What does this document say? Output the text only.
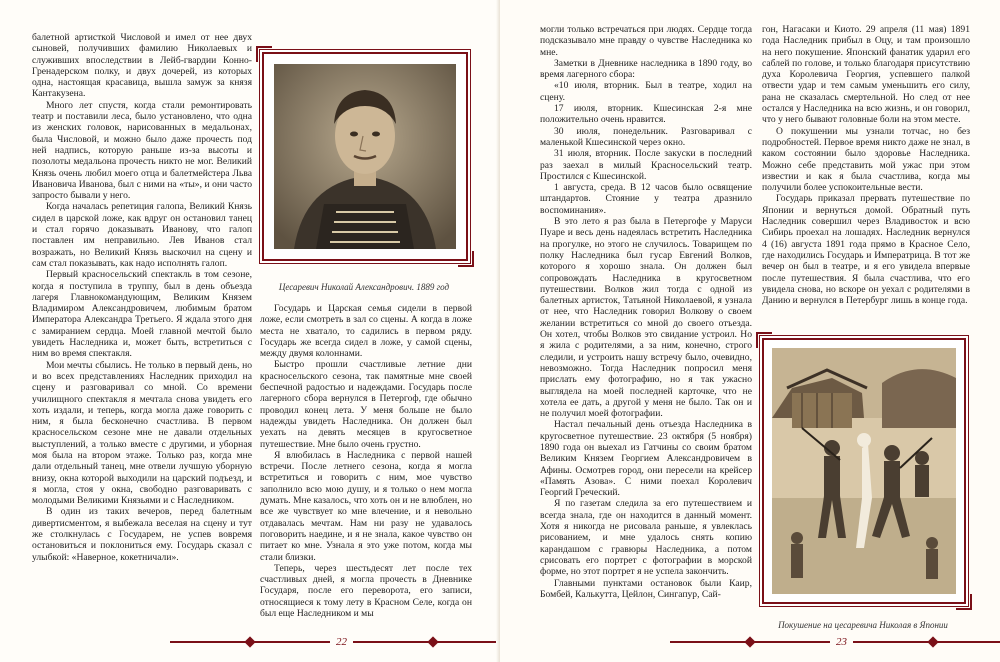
балетной артисткой Числовой и имел от нее двух сыновей, получивших фамилию Николаевых и служивших впоследствии в Лейб-гвардии Конно-Гренадерском полку, и двух дочерей, из которых одна, настоящая красавица, вышла замуж за князя Кантакузена.

Много лет спустя, когда стали ремонтировать театр и поставили леса, было установлено, что одна из женских головок, нарисованных в медальонах, была Числовой, и можно было даже прочесть под ней надпись, которую раньше из-за высоты и позолоты медальона прочесть никто не мог. Великий Князь очень любил моего отца и балетмейстера Льва Ивановича Иванова, был с ними на «ты», и они часто запросто бывали у него.

Когда началась репетиция галопа, Великий Князь сидел в царской ложе, как вдруг он остановил танец и стал горячо доказывать Иванову, что галоп поставлен им неправильно. Лев Иванов стал возражать, но Великий Князь выскочил на сцену и сам стал показывать, как надо исполнять галоп.

Первый красносельский спектакль в том сезоне, когда я поступила в труппу, был в день объезда лагеря Главнокомандующим, Великим Князем Владимиром Александровичем, любимым братом Императора Александра Третьего. Я ждала этого дня с замиранием сердца. Моей главной мечтой было увидеть Наследника и, может быть, встретиться с ним во время спектакля.

Мои мечты сбылись. Не только в первый день, но и во всех представлениях Наследник приходил на сцену и разговаривал со мной. Со времени училищного спектакля я мечтала снова увидеть его хоть издали, и теперь, когда могла даже говорить с ним, я была бесконечно счастлива. В первом красносельском сезоне мне не давали отдельных выступлений, а только вместе с другими, и уборная моя была на втором этаже. Только раз, когда мне дали отдельный танец, мне отвели лучшую уборную внизу, окна которой выходили на царский подъезд, и я могла, стоя у окна, свободно разговаривать с молодыми Великими Князьями и с Наследником.

В один из таких вечеров, перед балетным дивертисментом, я выбежала веселая на сцену и тут же столкнулась с Государем, не успев вовремя остановиться и поклониться ему. Государь сказал с улыбкой: «Наверное, кокетничали».

Цесаревич Николай Александрович. 1889 год

Государь и Царская семья сидели в первой ложе, если смотреть в зал со сцены. А когда в ложе места не хватало, то садились в первом ряду. Государь же всегда сидел в ложе, у самой сцены, между двумя колоннами.

Быстро прошли счастливые летние дни красносельского сезона, так памятные мне своей беспечной радостью и надеждами. Государь после лагерного сбора вернулся в Петергоф, где обычно проводил конец лета. У меня больше не было надежды увидеть Наследника. Он должен был уехать на девять месяцев в кругосветное путешествие. Мне было очень грустно.

Я влюбилась в Наследника с первой нашей встречи. После летнего сезона, когда я могла встретиться и говорить с ним, мое чувство заполнило всю мою душу, и я только о нем могла думать. Мне казалось, что хоть он и не влюблен, но все же чувствует ко мне влечение, и я невольно отдавалась мечтам. Нам ни разу не удавалось поговорить наедине, и я не знала, какое чувство он питает ко мне. Узнала я это уже потом, когда мы стали близки.

Теперь, через шестьдесят лет после тех счастливых дней, я могла прочесть в Дневнике Государя, после его переворота, его записи, относящиеся к тому лету в Красном Селе, когда он был еще Наследником и мы

22

могли только встречаться при людях. Сердце тогда подсказывало мне правду о чувстве Наследника ко мне.

Заметки в Дневнике наследника в 1890 году, во время лагерного сбора:

«10 июля, вторник. Был в театре, ходил на сцену.

17 июля, вторник. Кшесинская 2-я мне положительно очень нравится.

30 июля, понедельник. Разговаривал с маленькой Кшесинской через окно.

31 июля, вторник. После закуски в последний раз заехал в милый Красносельский театр. Простился с Кшесинской.

1 августа, среда. В 12 часов было освящение штандартов. Стояние у театра дразнило воспоминания».

В это лето я раз была в Петергофе у Маруси Пуаре и весь день надеялась встретить Наследника на прогулке, но этого не случилось. Товарищем по полку Наследника был гусар Евгений Волков, которого я хорошо знала. Он должен был сопровождать Наследника в кругосветном путешествии. Волков жил тогда с одной из балетных артисток, Татьяной Николаевой, я узнала от нее, что Наследник говорил Волкову о своем желании встретиться со мной до своего отъезда. Он хотел, чтобы Волков это свидание устроил. Но я жила с родителями, а за ним, конечно, строго следили, и устроить нашу встречу было, очевидно, невозможно. Тогда Наследник попросил меня прислать ему фотографию, но я так ужасно выглядела на моей последней карточке, что не хотела ее дать, а другой у меня не было. Так он и не получил моей фотографии.

Настал печальный день отъезда Наследника в кругосветное путешествие. 23 октября (5 ноября) 1890 года он выехал из Гатчины со своим братом Великим Князем Георгием Александровичем в Афины. Осмотрев город, они пересели на крейсер «Память Азова». С ними поехал Королевич Георгий Греческий.

Я по газетам следила за его путешествием и всегда знала, где он находится в данный момент. Хотя я никогда не рисовала раньше, я увлеклась рисованием, и мне удалось снять копию карандашом с гравюры Наследника, а потом срисовать его портрет с фотографии в морской форме, но этот портрет я не успела закончить.

Главными пунктами остановок были Каир, Бомбей, Калькутта, Цейлон, Сингапур, Сай-

гон, Нагасаки и Киото. 29 апреля (11 мая) 1891 года Наследник прибыл в Оцу, и там произошло на него покушение. Японский фанатик ударил его саблей по голове, и только благодаря присутствию духа Королевича Георгия, успевшего палкой отвести удар и тем самым уменьшить его силу, рана не сказалась смертельной. Но след от нее остался у Наследника на всю жизнь, и он говорил, что у него бывают головные боли на этом месте.

О покушении мы узнали тотчас, но без подробностей. Первое время никто даже не знал, в каком состоянии было здоровье Наследника. Можно себе представить мой ужас при этом известии и как я была счастлива, когда мы получили более успокоительные вести.

Государь приказал прервать путешествие по Японии и вернуться домой. Обратный путь Наследник совершил через Владивосток и всю Сибирь проехал на лошадях. Наследник вернулся 4 (16) августа 1891 года прямо в Красное Село, где находились Государь и Императрица. В тот же вечер он был в театре, и я его увидела впервые после путешествия. Я была счастлива, что его увидела снова, но вскоре он уехал с родителями в Данию и вернулся в Петербург лишь в конце года.

Покушение на цесаревича Николая в Японии
23
